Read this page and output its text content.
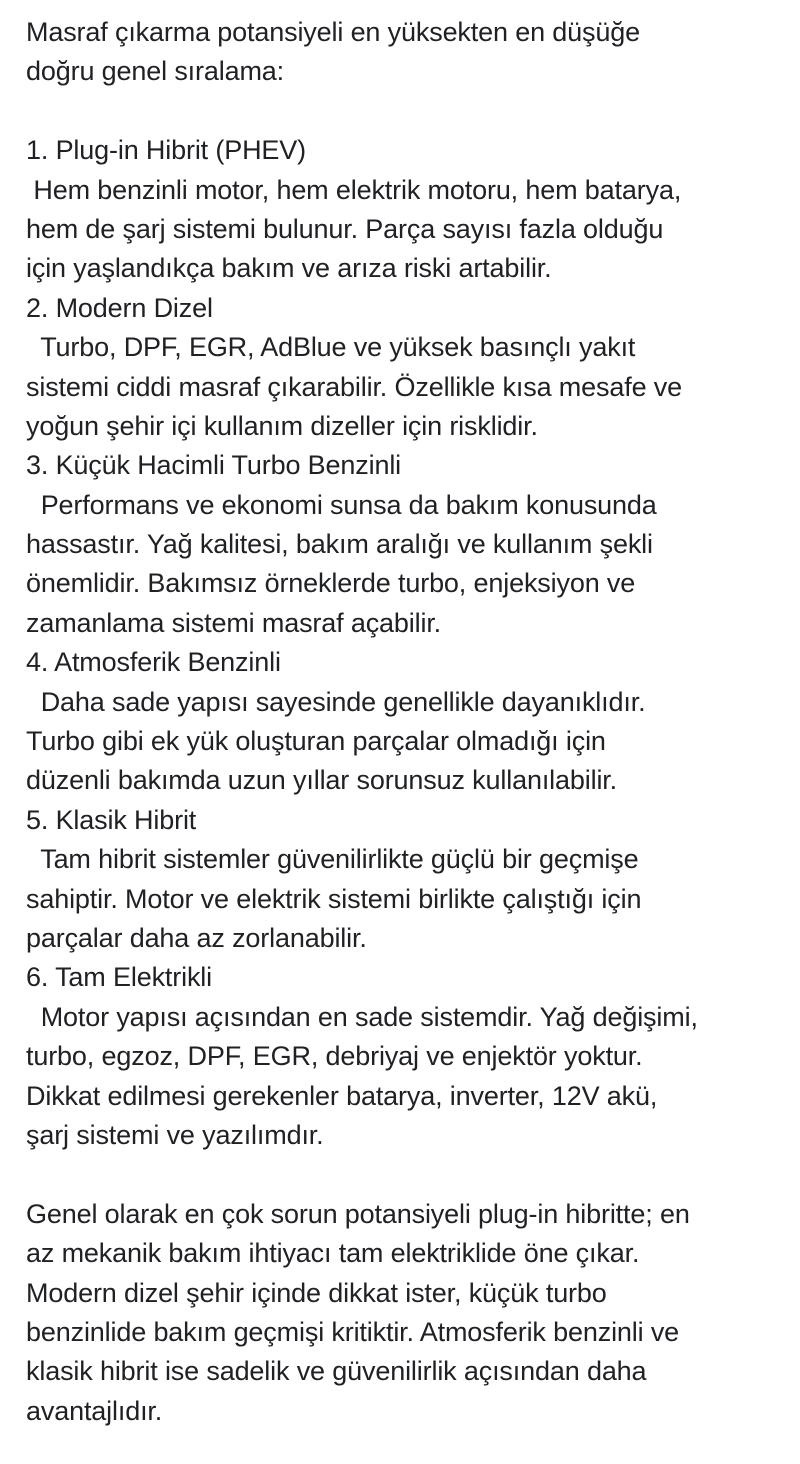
Masraf çıkarma potansiyeli en yüksekten en düşüğe
doğru genel sıralama:
1. Plug-in Hibrit (PHEV)
Hem benzinli motor, hem elektrik motoru, hem batarya,
hem de şarj sistemi bulunur. Parça sayısı fazla olduğu
için yaşlandıkça bakım ve arıza riski artabilir.
2. Modern Dizel
Turbo, DPF, EGR, AdBlue ve yüksek basınçlı yakıt
sistemi ciddi masraf çıkarabilir. Özellikle kısa mesafe ve
yoğun şehir içi kullanım dizeller için risklidir.
3. Küçük Hacimli Turbo Benzinli
Performans ve ekonomi sunsa da bakım konusunda
hassastır. Yağ kalitesi, bakım aralığı ve kullanım şekli
önemlidir. Bakımsız örneklerde turbo, enjeksiyon ve
zamanlama sistemi masraf açabilir.
4. Atmosferik Benzinli
Daha sade yapısı sayesinde genellikle dayanıklıdır.
Turbo gibi ek yük oluşturan parçalar olmadığı için
düzenli bakımda uzun yıllar sorunsuz kullanılabilir.
5. Klasik Hibrit
Tam hibrit sistemler güvenilirlikte güçlü bir geçmişe
sahiptir. Motor ve elektrik sistemi birlikte çalıştığı için
parçalar daha az zorlanabilir.
6. Tam Elektrikli
Motor yapısı açısından en sade sistemdir. Yağ değişimi,
turbo, egzoz, DPF, EGR, debriyaj ve enjektör yoktur.
Dikkat edilmesi gerekenler batarya, inverter, 12V akü,
şarj sistemi ve yazılımdır.
Genel olarak en çok sorun potansiyeli plug-in hibritte; en
az mekanik bakım ihtiyacı tam elektriklide öne çıkar.
Modern dizel şehir içinde dikkat ister, küçük turbo
benzinlide bakım geçmişi kritiktir. Atmosferik benzinli ve
klasik hibrit ise sadelik ve güvenilirlik açısından daha
avantajlıdır.
